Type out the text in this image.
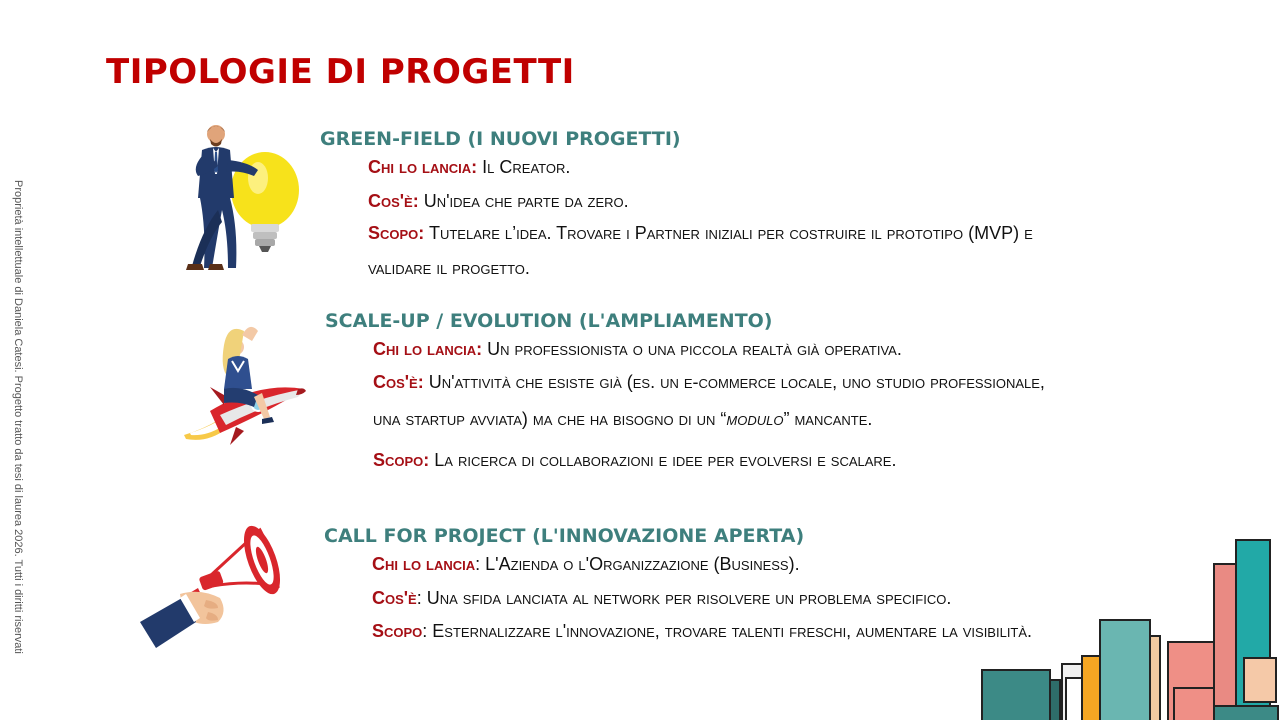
TIPOLOGIE DI PROGETTI
Proprietà intellettuale di Daniela Catesi. Progetto tratto da tesi di laurea 2026. Tutti i diritti riservati
GREEN-FIELD (I NUOVI PROGETTI)
Chi lo lancia: Il Creator.
Cos'è: Un'idea che parte da zero.
Scopo: Tutelare l’idea. Trovare i Partner iniziali per costruire il prototipo (MVP) e validare il progetto.
SCALE-UP / EVOLUTION (L'AMPLIAMENTO)
Chi lo lancia: Un professionista o una piccola realtà già operativa.
Cos'è: Un'attività che esiste già (es. un e-commerce locale, uno studio professionale, una startup avviata) ma che ha bisogno di un “modulo” mancante.
Scopo: La ricerca di collaborazioni e idee per evolversi e scalare.
CALL FOR PROJECT (L'INNOVAZIONE APERTA)
Chi lo lancia: L'Azienda o l'Organizzazione (Business).
Cos'è: Una sfida lanciata al network per risolvere un problema specifico.
Scopo: Esternalizzare l'innovazione, trovare talenti freschi, aumentare la visibilità.
